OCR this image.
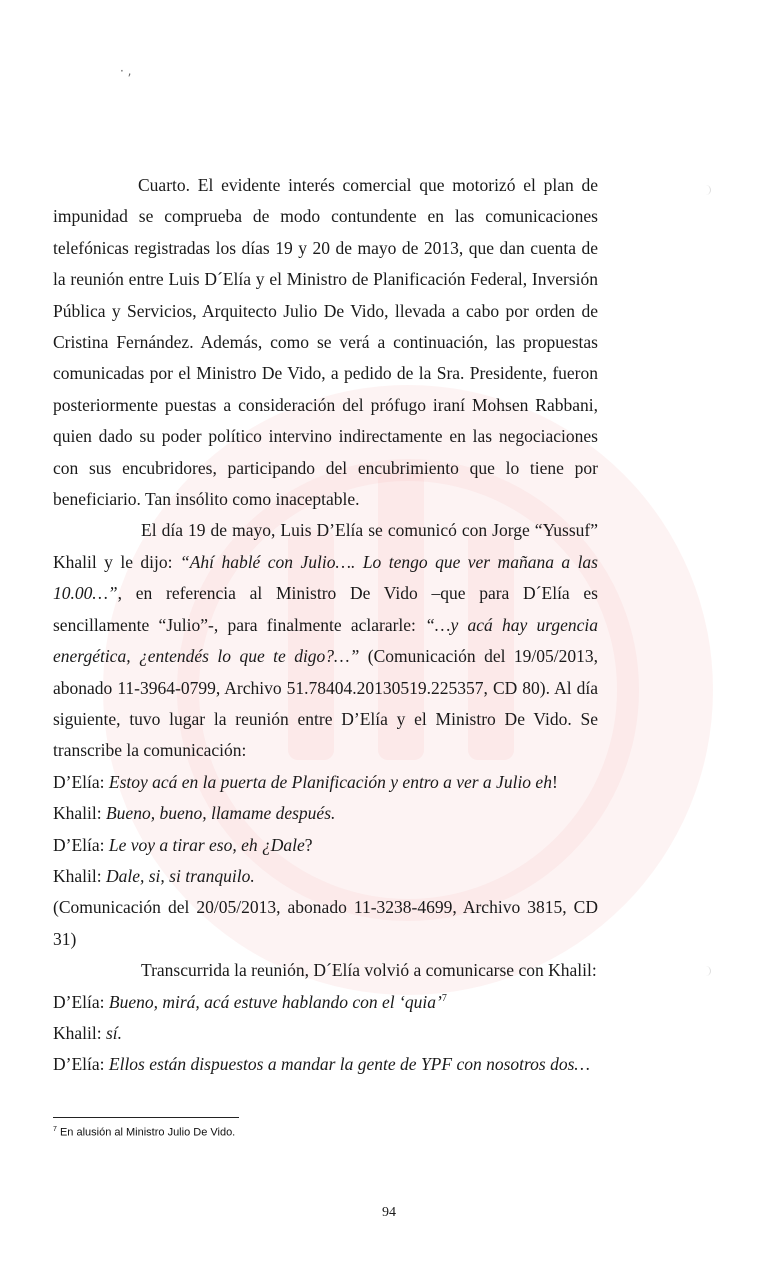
· ,

Cuarto. El evidente interés comercial que motorizó el plan de impunidad se comprueba de modo contundente en las comunicaciones telefónicas registradas los días 19 y 20 de mayo de 2013, que dan cuenta de la reunión entre Luis D´Elía y el Ministro de Planificación Federal, Inversión Pública y Servicios, Arquitecto Julio De Vido, llevada a cabo por orden de Cristina Fernández. Además, como se verá a continuación, las propuestas comunicadas por el Ministro De Vido, a pedido de la Sra. Presidente, fueron posteriormente puestas a consideración del prófugo iraní Mohsen Rabbani, quien dado su poder político intervino indirectamente en las negociaciones con sus encubridores, participando del encubrimiento que lo tiene por beneficiario. Tan insólito como inaceptable.

El día 19 de mayo, Luis D’Elía se comunicó con Jorge “Yussuf” Khalil y le dijo: “Ahí hablé con Julio…. Lo tengo que ver mañana a las 10.00…”, en referencia al Ministro De Vido –que para D´Elía es sencillamente “Julio”-, para finalmente aclararle: “…y acá hay urgencia energética, ¿entendés lo que te digo?…” (Comunicación del 19/05/2013, abonado 11-3964-0799, Archivo 51.78404.20130519.225357, CD 80). Al día siguiente, tuvo lugar la reunión entre D’Elía y el Ministro De Vido. Se transcribe la comunicación:

D’Elía: Estoy acá en la puerta de Planificación y entro a ver a Julio eh!

Khalil: Bueno, bueno, llamame después.

D’Elía: Le voy a tirar eso, eh ¿Dale?

Khalil: Dale, si, si tranquilo.

(Comunicación del 20/05/2013, abonado 11-3238-4699, Archivo 3815, CD 31)

Transcurrida la reunión, D´Elía volvió a comunicarse con Khalil:

D’Elía: Bueno, mirá, acá estuve hablando con el ‘quia’$^7$

Khalil: sí.

D’Elía: Ellos están dispuestos a mandar la gente de YPF con nosotros dos…

$^7$ En alusión al Ministro Julio De Vido.
94
